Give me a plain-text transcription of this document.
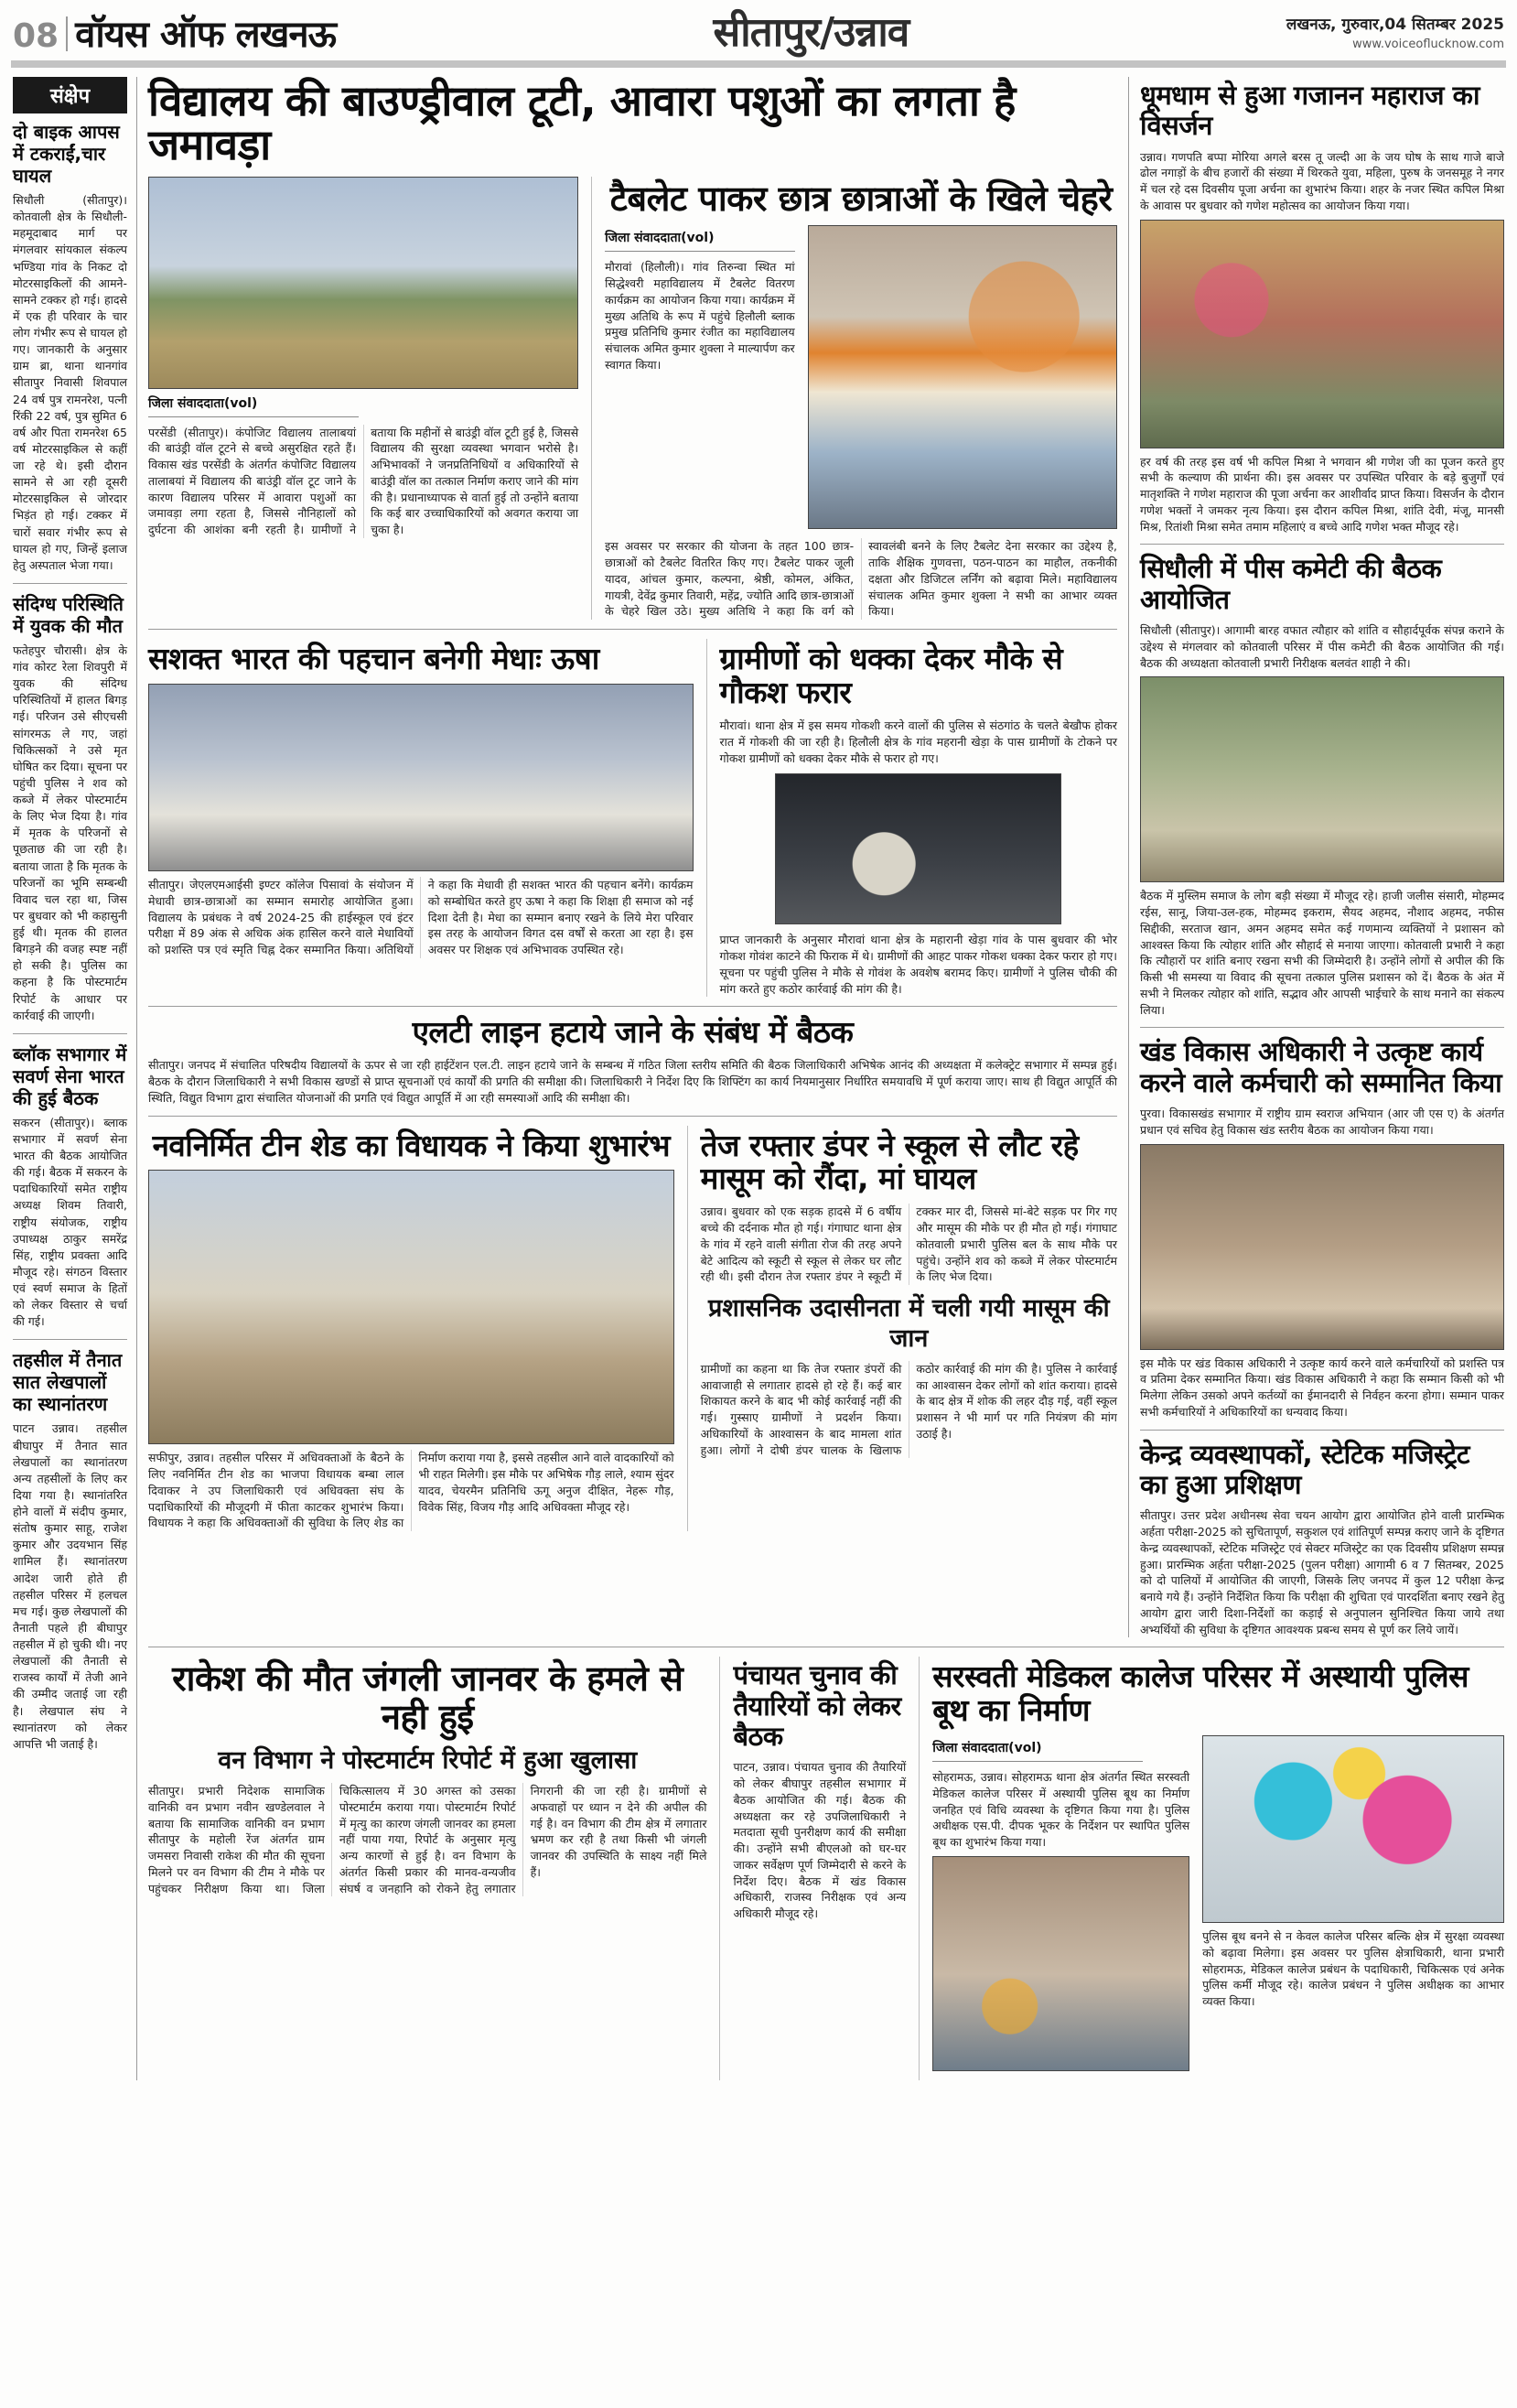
08 वॉयस ऑफ लखनऊ	सीतापुर/उन्नाव	लखनऊ, गुरुवार,04 सितम्बर 2025
www.voiceoflucknow.com
संक्षेप
दो बाइक आपस में टकराईं,चार घायल
सिधौली (सीतापुर)। कोतवाली क्षेत्र के सिधौली-महमूदाबाद मार्ग पर मंगलवार सांयकाल संकल्प भण्डिया गांव के निकट दो मोटरसाइकिलों की आमने-सामने टक्कर हो गई। हादसे में एक ही परिवार के चार लोग गंभीर रूप से घायल हो गए। जानकारी के अनुसार ग्राम ब्रा, थाना थानगांव सीतापुर निवासी शिवपाल 24 वर्ष पुत्र रामनरेश, पत्नी रिंकी 22 वर्ष, पुत्र सुमित 6 वर्ष और पिता रामनरेश 65 वर्ष मोटरसाइकिल से कहीं जा रहे थे। इसी दौरान सामने से आ रही दूसरी मोटरसाइकिल से जोरदार भिड़ंत हो गई। टक्कर में चारों सवार गंभीर रूप से घायल हो गए, जिन्हें इलाज हेतु अस्पताल भेजा गया।
संदिग्ध परिस्थिति में युवक की मौत
फतेहपुर चौरासी। क्षेत्र के गांव कोरट रेला शिवपुरी में युवक की संदिग्ध परिस्थितियों में हालत बिगड़ गई। परिजन उसे सीएचसी सांगरमऊ ले गए, जहां चिकित्सकों ने उसे मृत घोषित कर दिया। सूचना पर पहुंची पुलिस ने शव को कब्जे में लेकर पोस्टमार्टम के लिए भेज दिया है। गांव में मृतक के परिजनों से पूछताछ की जा रही है। बताया जाता है कि मृतक के परिजनों का भूमि सम्बन्धी विवाद चल रहा था, जिस पर बुधवार को भी कहासुनी हुई थी। मृतक की हालत बिगड़ने की वजह स्पष्ट नहीं हो सकी है। पुलिस का कहना है कि पोस्टमार्टम रिपोर्ट के आधार पर कार्रवाई की जाएगी।
ब्लॉक सभागार में सवर्ण सेना भारत की हुई बैठक
सकरन (सीतापुर)। ब्लाक सभागार में सवर्ण सेना भारत की बैठक आयोजित की गई। बैठक में सकरन के पदाधिकारियों समेत राष्ट्रीय अध्यक्ष शिवम तिवारी, राष्ट्रीय संयोजक, राष्ट्रीय उपाध्यक्ष ठाकुर समरेंद्र सिंह, राष्ट्रीय प्रवक्ता आदि मौजूद रहे। संगठन विस्तार एवं स्वर्ण समाज के हितों को लेकर विस्तार से चर्चा की गई।
तहसील में तैनात सात लेखपालों का स्थानांतरण
पाटन उन्नाव। तहसील बीघापुर में तैनात सात लेखपालों का स्थानांतरण अन्य तहसीलों के लिए कर दिया गया है। स्थानांतरित होने वालों में संदीप कुमार, संतोष कुमार साहू, राजेश कुमार और उदयभान सिंह शामिल हैं। स्थानांतरण आदेश जारी होते ही तहसील परिसर में हलचल मच गई। कुछ लेखपालों की तैनाती पहले ही बीघापुर तहसील में हो चुकी थी। नए लेखपालों की तैनाती से राजस्व कार्यों में तेजी आने की उम्मीद जताई जा रही है। लेखपाल संघ ने स्थानांतरण को लेकर आपत्ति भी जताई है।
विद्यालय की बाउण्ड्रीवाल टूटी, आवारा पशुओं का लगता है जमावड़ा
जिला संवाददाता(vol)
परसेंडी (सीतापुर)। कंपोजिट विद्यालय तालाबयां की बाउंड्री वॉल टूटने से बच्चे असुरक्षित रहते हैं। विकास खंड परसेंडी के अंतर्गत कंपोजिट विद्यालय तालाबयां में विद्यालय की बाउंड्री वॉल टूट जाने के कारण विद्यालय परिसर में आवारा पशुओं का जमावड़ा लगा रहता है, जिससे नौनिहालों को दुर्घटना की आशंका बनी रहती है। ग्रामीणों ने बताया कि महीनों से बाउंड्री वॉल टूटी हुई है, जिससे विद्यालय की सुरक्षा व्यवस्था भगवान भरोसे है। अभिभावकों ने जनप्रतिनिधियों व अधिकारियों से बाउंड्री वॉल का तत्काल निर्माण कराए जाने की मांग की है। प्रधानाध्यापक से वार्ता हुई तो उन्होंने बताया कि कई बार उच्चाधिकारियों को अवगत कराया जा चुका है।
टैबलेट पाकर छात्र छात्राओं के खिले चेहरे
जिला संवाददाता(vol)
मौरावां (हिलौली)। गांव तिरुन्वा स्थित मां सिद्धेश्वरी महाविद्यालय में टैबलेट वितरण कार्यक्रम का आयोजन किया गया। कार्यक्रम में मुख्य अतिथि के रूप में पहुंचे हिलौली ब्लाक प्रमुख प्रतिनिधि कुमार रंजीत का महाविद्यालय संचालक अमित कुमार शुक्ला ने माल्यार्पण कर स्वागत किया।
इस अवसर पर सरकार की योजना के तहत 100 छात्र-छात्राओं को टैबलेट वितरित किए गए। टैबलेट पाकर जूली यादव, आंचल कुमार, कल्पना, श्रेष्ठी, कोमल, अंकित, गायत्री, देवेंद्र कुमार तिवारी, महेंद्र, ज्योति आदि छात्र-छात्राओं के चेहरे खिल उठे। मुख्य अतिथि ने कहा कि वर्ग को स्वावलंबी बनने के लिए टैबलेट देना सरकार का उद्देश्य है, ताकि शैक्षिक गुणवत्ता, पठन-पाठन का माहौल, तकनीकी दक्षता और डिजिटल लर्निंग को बढ़ावा मिले। महाविद्यालय संचालक अमित कुमार शुक्ला ने सभी का आभार व्यक्त किया।
सशक्त भारत की पहचान बनेगी मेधाः ऊषा
सीतापुर। जेएलएमआईसी इण्टर कॉलेज पिसावां के संयोजन में मेधावी छात्र-छात्राओं का सम्मान समारोह आयोजित हुआ। विद्यालय के प्रबंधक ने वर्ष 2024-25 की हाईस्कूल एवं इंटर परीक्षा में 89 अंक से अधिक अंक हासिल करने वाले मेधावियों को प्रशस्ति पत्र एवं स्मृति चिह्न देकर सम्मानित किया। अतिथियों ने कहा कि मेधावी ही सशक्त भारत की पहचान बनेंगे। कार्यक्रम को सम्बोधित करते हुए ऊषा ने कहा कि शिक्षा ही समाज को नई दिशा देती है। मेधा का सम्मान बनाए रखने के लिये मेरा परिवार इस तरह के आयोजन विगत दस वर्षों से करता आ रहा है। इस अवसर पर शिक्षक एवं अभिभावक उपस्थित रहे।
ग्रामीणों को धक्का देकर मौके से गौकश फरार
मौरावां। थाना क्षेत्र में इस समय गोकशी करने वालों की पुलिस से संठगांठ के चलते बेखौफ होकर रात में गोकशी की जा रही है। हिलौली क्षेत्र के गांव महरानी खेड़ा के पास ग्रामीणों के टोकने पर गोकश ग्रामीणों को धक्का देकर मौके से फरार हो गए।
प्राप्त जानकारी के अनुसार मौरावां थाना क्षेत्र के महारानी खेड़ा गांव के पास बुधवार की भोर गोकश गोवंश काटने की फिराक में थे। ग्रामीणों की आहट पाकर गोकश धक्का देकर फरार हो गए। सूचना पर पहुंची पुलिस ने मौके से गोवंश के अवशेष बरामद किए। ग्रामीणों ने पुलिस चौकी की मांग करते हुए कठोर कार्रवाई की मांग की है।
एलटी लाइन हटाये जाने के संबंध में बैठक
सीतापुर। जनपद में संचालित परिषदीय विद्यालयों के ऊपर से जा रही हाईटेंशन एल.टी. लाइन हटाये जाने के सम्बन्ध में गठित जिला स्तरीय समिति की बैठक जिलाधिकारी अभिषेक आनंद की अध्यक्षता में कलेक्ट्रेट सभागार में सम्पन्न हुई। बैठक के दौरान जिलाधिकारी ने सभी विकास खण्डों से प्राप्त सूचनाओं एवं कार्यों की प्रगति की समीक्षा की। जिलाधिकारी ने निर्देश दिए कि शिफ्टिंग का कार्य नियमानुसार निर्धारित समयावधि में पूर्ण कराया जाए। साथ ही विद्युत आपूर्ति की स्थिति, विद्युत विभाग द्वारा संचालित योजनाओं की प्रगति एवं विद्युत आपूर्ति में आ रही समस्याओं आदि की समीक्षा की।
नवनिर्मित टीन शेड का विधायक ने किया शुभारंभ
सफीपुर, उन्नाव। तहसील परिसर में अधिवक्ताओं के बैठने के लिए नवनिर्मित टीन शेड का भाजपा विधायक बम्बा लाल दिवाकर ने उप जिलाधिकारी एवं अधिवक्ता संघ के पदाधिकारियों की मौजूदगी में फीता काटकर शुभारंभ किया। विधायक ने कहा कि अधिवक्ताओं की सुविधा के लिए शेड का निर्माण कराया गया है, इससे तहसील आने वाले वादकारियों को भी राहत मिलेगी। इस मौके पर अभिषेक गौड़ लाले, श्याम सुंदर यादव, चेयरमैन प्रतिनिधि ऊगू अनुज दीक्षित, नेहरू गौड़, विवेक सिंह, विजय गौड़ आदि अधिवक्ता मौजूद रहे।
तेज रफ्तार डंपर ने स्कूल से लौट रहे मासूम को रौंदा, मां घायल
उन्नाव। बुधवार को एक सड़क हादसे में 6 वर्षीय बच्चे की दर्दनाक मौत हो गई। गंगाघाट थाना क्षेत्र के गांव में रहने वाली संगीता रोज की तरह अपने बेटे आदित्य को स्कूटी से स्कूल से लेकर घर लौट रही थी। इसी दौरान तेज रफ्तार डंपर ने स्कूटी में टक्कर मार दी, जिससे मां-बेटे सड़क पर गिर गए और मासूम की मौके पर ही मौत हो गई। गंगाघाट कोतवाली प्रभारी पुलिस बल के साथ मौके पर पहुंचे। उन्होंने शव को कब्जे में लेकर पोस्टमार्टम के लिए भेज दिया।
प्रशासनिक उदासीनता में चली गयी मासूम की जान
ग्रामीणों का कहना था कि तेज रफ्तार डंपरों की आवाजाही से लगातार हादसे हो रहे हैं। कई बार शिकायत करने के बाद भी कोई कार्रवाई नहीं की गई। गुस्साए ग्रामीणों ने प्रदर्शन किया। अधिकारियों के आश्वासन के बाद मामला शांत हुआ। लोगों ने दोषी डंपर चालक के खिलाफ कठोर कार्रवाई की मांग की है। पुलिस ने कार्रवाई का आश्वासन देकर लोगों को शांत कराया। हादसे के बाद क्षेत्र में शोक की लहर दौड़ गई, वहीं स्कूल प्रशासन ने भी मार्ग पर गति नियंत्रण की मांग उठाई है।
धूमधाम से हुआ गजानन महाराज का विसर्जन
उन्नाव। गणपति बप्पा मोरिया अगले बरस तू जल्दी आ के जय घोष के साथ गाजे बाजे ढोल नगाड़ों के बीच हजारों की संख्या में थिरकते युवा, महिला, पुरुष के जनसमूह ने नगर में चल रहे दस दिवसीय पूजा अर्चना का शुभारंभ किया। शहर के नजर स्थित कपिल मिश्रा के आवास पर बुधवार को गणेश महोत्सव का आयोजन किया गया।
हर वर्ष की तरह इस वर्ष भी कपिल मिश्रा ने भगवान श्री गणेश जी का पूजन करते हुए सभी के कल्याण की प्रार्थना की। इस अवसर पर उपस्थित परिवार के बड़े बुजुर्गों एवं मातृशक्ति ने गणेश महाराज की पूजा अर्चना कर आशीर्वाद प्राप्त किया। विसर्जन के दौरान गणेश भक्तों ने जमकर नृत्य किया। इस दौरान कपिल मिश्रा, शांति देवी, मंजू, मानसी मिश्र, रितांशी मिश्रा समेत तमाम महिलाएं व बच्चे आदि गणेश भक्त मौजूद रहे।
सिधौली में पीस कमेटी की बैठक आयोजित
सिधौली (सीतापुर)। आगामी बारह वफात त्यौहार को शांति व सौहार्दपूर्वक संपन्न कराने के उद्देश्य से मंगलवार को कोतवाली परिसर में पीस कमेटी की बैठक आयोजित की गई। बैठक की अध्यक्षता कोतवाली प्रभारी निरीक्षक बलवंत शाही ने की।
बैठक में मुस्लिम समाज के लोग बड़ी संख्या में मौजूद रहे। हाजी जलीस संसारी, मोहम्मद रईस, सानू, जिया-उल-हक, मोहम्मद इकराम, सैयद अहमद, नौशाद अहमद, नफीस सिद्दीकी, सरताज खान, अमन अहमद समेत कई गणमान्य व्यक्तियों ने प्रशासन को आश्वस्त किया कि त्योहार शांति और सौहार्द से मनाया जाएगा। कोतवाली प्रभारी ने कहा कि त्यौहारों पर शांति बनाए रखना सभी की जिम्मेदारी है। उन्होंने लोगों से अपील की कि किसी भी समस्या या विवाद की सूचना तत्काल पुलिस प्रशासन को दें। बैठक के अंत में सभी ने मिलकर त्योहार को शांति, सद्भाव और आपसी भाईचारे के साथ मनाने का संकल्प लिया।
खंड विकास अधिकारी ने उत्कृष्ट कार्य करने वाले कर्मचारी को सम्मानित किया
पुरवा। विकासखंड सभागार में राष्ट्रीय ग्राम स्वराज अभियान (आर जी एस ए) के अंतर्गत प्रधान एवं सचिव हेतु विकास खंड स्तरीय बैठक का आयोजन किया गया।
इस मौके पर खंड विकास अधिकारी ने उत्कृष्ट कार्य करने वाले कर्मचारियों को प्रशस्ति पत्र व प्रतिमा देकर सम्मानित किया। खंड विकास अधिकारी ने कहा कि सम्मान किसी को भी मिलेगा लेकिन उसको अपने कर्तव्यों का ईमानदारी से निर्वहन करना होगा। सम्मान पाकर सभी कर्मचारियों ने अधिकारियों का धन्यवाद किया।
केन्द्र व्यवस्थापकों, स्टेटिक मजिस्ट्रेट का हुआ प्रशिक्षण
सीतापुर। उत्तर प्रदेश अधीनस्थ सेवा चयन आयोग द्वारा आयोजित होने वाली प्रारम्भिक अर्हता परीक्षा-2025 को सुचितापूर्ण, सकुशल एवं शांतिपूर्ण सम्पन्न कराए जाने के दृष्टिगत केन्द्र व्यवस्थापकों, स्टेटिक मजिस्ट्रेट एवं सेक्टर मजिस्ट्रेट का एक दिवसीय प्रशिक्षण सम्पन्न हुआ। प्रारम्भिक अर्हता परीक्षा-2025 (पुलन परीक्षा) आगामी 6 व 7 सितम्बर, 2025 को दो पालियों में आयोजित की जाएगी, जिसके लिए जनपद में कुल 12 परीक्षा केन्द्र बनाये गये हैं। उन्होंने निर्देशित किया कि परीक्षा की शुचिता एवं पारदर्शिता बनाए रखने हेतु आयोग द्वारा जारी दिशा-निर्देशों का कड़ाई से अनुपालन सुनिश्चित किया जाये तथा अभ्यर्थियों की सुविधा के दृष्टिगत आवश्यक प्रबन्ध समय से पूर्ण कर लिये जायें।
राकेश की मौत जंगली जानवर के हमले से नही हुई
वन विभाग ने पोस्टमार्टम रिपोर्ट में हुआ खुलासा
सीतापुर। प्रभारी निदेशक सामाजिक वानिकी वन प्रभाग नवीन खण्डेलवाल ने बताया कि सामाजिक वानिकी वन प्रभाग सीतापुर के महोली रेंज अंतर्गत ग्राम जमसरा निवासी राकेश की मौत की सूचना मिलने पर वन विभाग की टीम ने मौके पर पहुंचकर निरीक्षण किया था। जिला चिकित्सालय में 30 अगस्त को उसका पोस्टमार्टम कराया गया। पोस्टमार्टम रिपोर्ट में मृत्यु का कारण जंगली जानवर का हमला नहीं पाया गया, रिपोर्ट के अनुसार मृत्यु अन्य कारणों से हुई है। वन विभाग के अंतर्गत किसी प्रकार की मानव-वन्यजीव संघर्ष व जनहानि को रोकने हेतु लगातार निगरानी की जा रही है। ग्रामीणों से अफवाहों पर ध्यान न देने की अपील की गई है। वन विभाग की टीम क्षेत्र में लगातार भ्रमण कर रही है तथा किसी भी जंगली जानवर की उपस्थिति के साक्ष्य नहीं मिले हैं।
पंचायत चुनाव की तैयारियों को लेकर बैठक
पाटन, उन्नाव। पंचायत चुनाव की तैयारियों को लेकर बीघापुर तहसील सभागार में बैठक आयोजित की गई। बैठक की अध्यक्षता कर रहे उपजिलाधिकारी ने मतदाता सूची पुनरीक्षण कार्य की समीक्षा की। उन्होंने सभी बीएलओ को घर-घर जाकर सर्वेक्षण पूर्ण जिम्मेदारी से करने के निर्देश दिए। बैठक में खंड विकास अधिकारी, राजस्व निरीक्षक एवं अन्य अधिकारी मौजूद रहे।
सरस्वती मेडिकल कालेज परिसर में अस्थायी पुलिस बूथ का निर्माण
जिला संवाददाता(vol)
सोहरामऊ, उन्नाव। सोहरामऊ थाना क्षेत्र अंतर्गत स्थित सरस्वती मेडिकल कालेज परिसर में अस्थायी पुलिस बूथ का निर्माण जनहित एवं विधि व्यवस्था के दृष्टिगत किया गया है। पुलिस अधीक्षक एस.पी. दीपक भूकर के निर्देशन पर स्थापित पुलिस बूथ का शुभारंभ किया गया।
पुलिस बूथ बनने से न केवल कालेज परिसर बल्कि क्षेत्र में सुरक्षा व्यवस्था को बढ़ावा मिलेगा। इस अवसर पर पुलिस क्षेत्राधिकारी, थाना प्रभारी सोहरामऊ, मेडिकल कालेज प्रबंधन के पदाधिकारी, चिकित्सक एवं अनेक पुलिस कर्मी मौजूद रहे। कालेज प्रबंधन ने पुलिस अधीक्षक का आभार व्यक्त किया।
